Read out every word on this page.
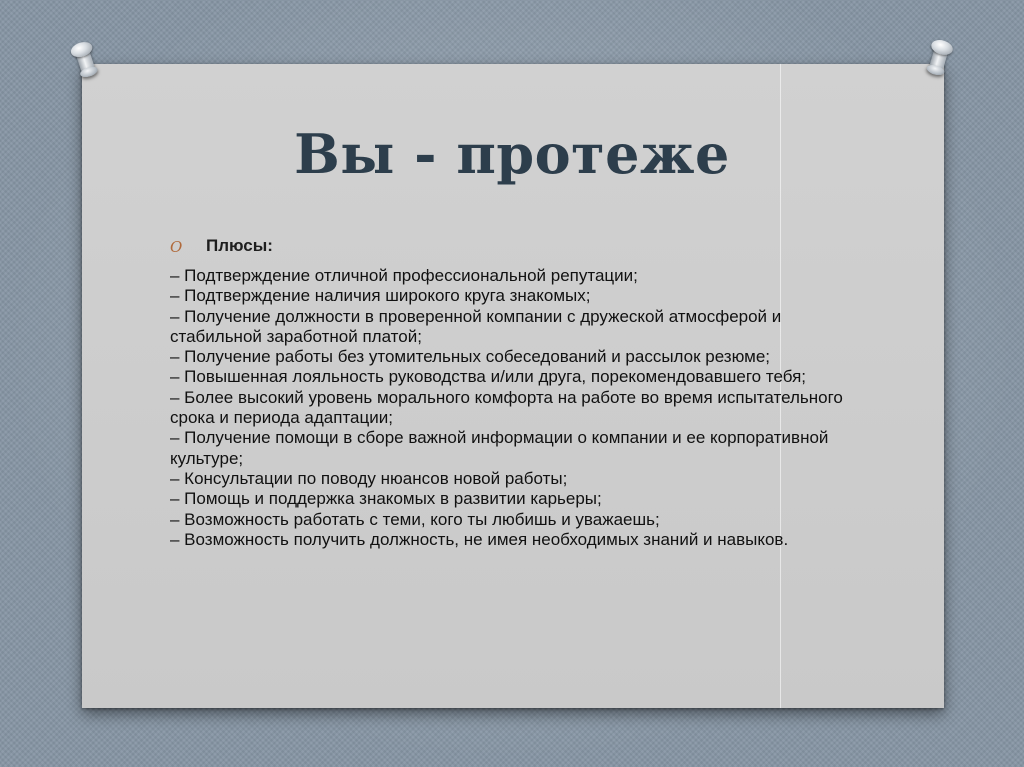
Вы - протеже
O Плюсы:
– Подтверждение отличной профессиональной репутации;
– Подтверждение наличия широкого круга знакомых;
– Получение должности в проверенной компании с дружеской атмосферой и стабильной заработной платой;
– Получение работы без утомительных собеседований и рассылок резюме;
– Повышенная лояльность руководства и/или друга, порекомендовавшего тебя;
– Более высокий уровень морального комфорта на работе во время испытательного срока и периода адаптации;
– Получение помощи в сборе важной информации о компании и ее корпоративной культуре;
– Консультации по поводу нюансов новой работы;
– Помощь и поддержка знакомых в развитии карьеры;
– Возможность работать с теми, кого ты любишь и уважаешь;
– Возможность получить должность, не имея необходимых знаний и навыков.
